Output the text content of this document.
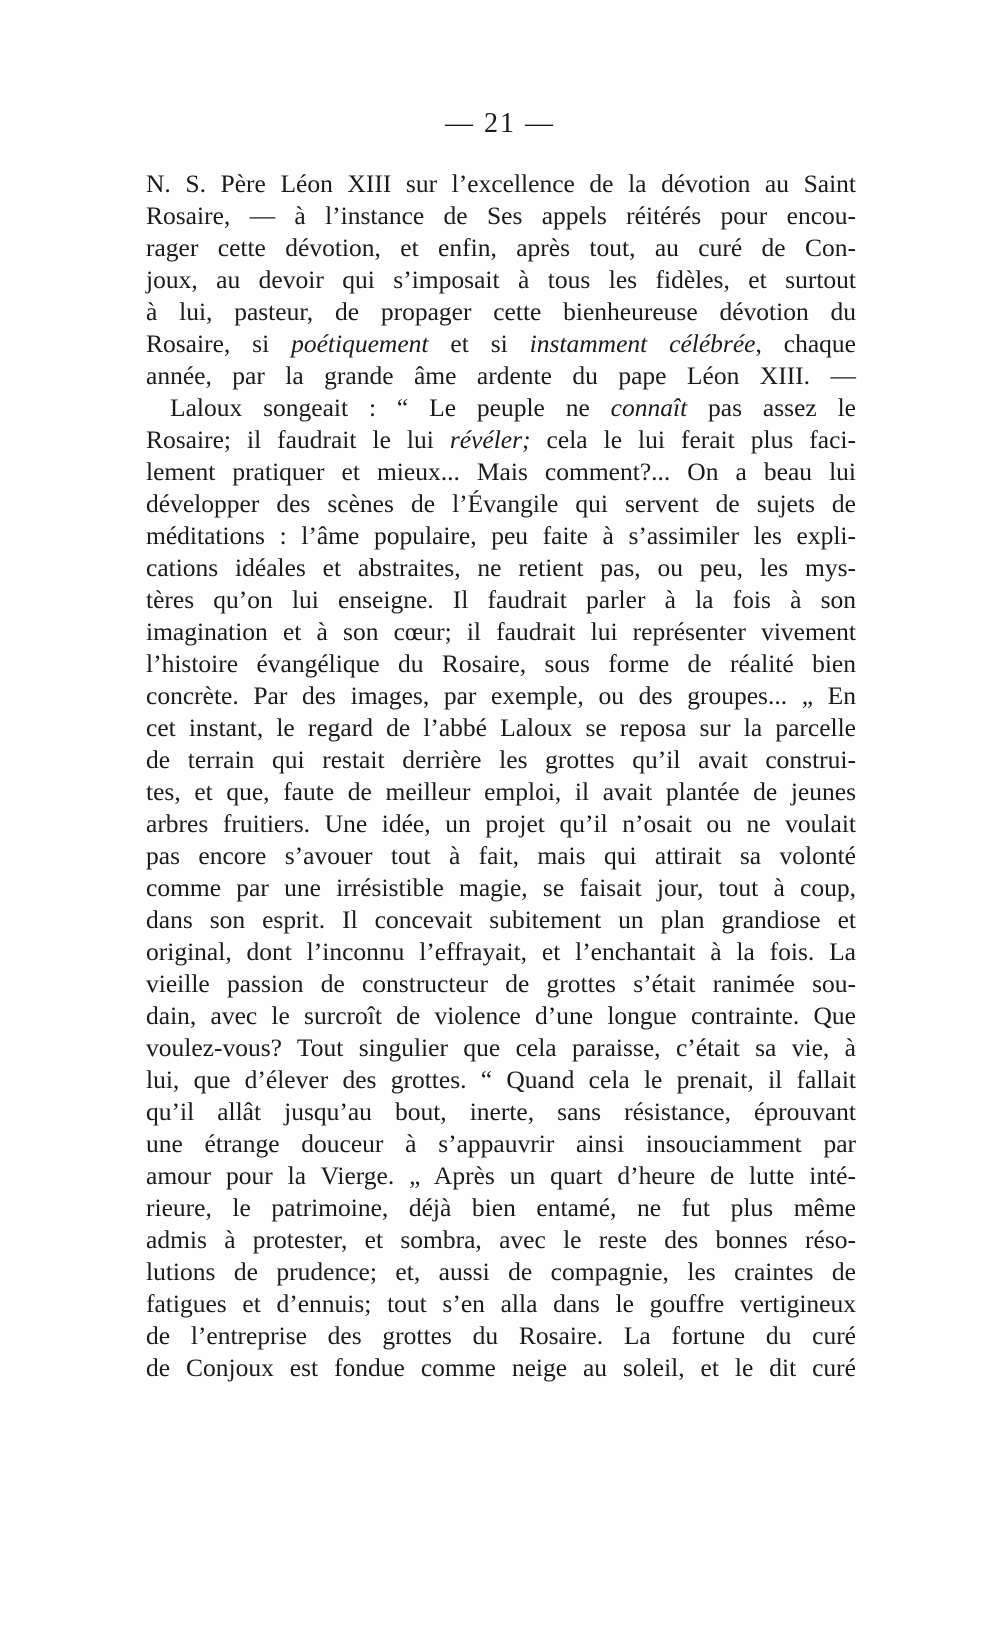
— 21 —
N. S. Père Léon XIII sur l’excellence de la dévotion au Saint
Rosaire, — à l’instance de Ses appels réitérés pour encou-
rager cette dévotion, et enfin, après tout, au curé de Con-
joux, au devoir qui s’imposait à tous les fidèles, et surtout
à lui, pasteur, de propager cette bienheureuse dévotion du
Rosaire, si poétiquement et si instamment célébrée, chaque
année, par la grande âme ardente du pape Léon XIII. —
Laloux songeait : “ Le peuple ne connaît pas assez le
Rosaire; il faudrait le lui révéler; cela le lui ferait plus faci-
lement pratiquer et mieux... Mais comment?... On a beau lui
développer des scènes de l’Évangile qui servent de sujets de
méditations : l’âme populaire, peu faite à s’assimiler les expli-
cations idéales et abstraites, ne retient pas, ou peu, les mys-
tères qu’on lui enseigne. Il faudrait parler à la fois à son
imagination et à son cœur; il faudrait lui représenter vivement
l’histoire évangélique du Rosaire, sous forme de réalité bien
concrète. Par des images, par exemple, ou des groupes... „ En
cet instant, le regard de l’abbé Laloux se reposa sur la parcelle
de terrain qui restait derrière les grottes qu’il avait construi-
tes, et que, faute de meilleur emploi, il avait plantée de jeunes
arbres fruitiers. Une idée, un projet qu’il n’osait ou ne voulait
pas encore s’avouer tout à fait, mais qui attirait sa volonté
comme par une irrésistible magie, se faisait jour, tout à coup,
dans son esprit. Il concevait subitement un plan grandiose et
original, dont l’inconnu l’effrayait, et l’enchantait à la fois. La
vieille passion de constructeur de grottes s’était ranimée sou-
dain, avec le surcroît de violence d’une longue contrainte. Que
voulez-vous? Tout singulier que cela paraisse, c’était sa vie, à
lui, que d’élever des grottes. “ Quand cela le prenait, il fallait
qu’il allât jusqu’au bout, inerte, sans résistance, éprouvant
une étrange douceur à s’appauvrir ainsi insouciamment par
amour pour la Vierge. „ Après un quart d’heure de lutte inté-
rieure, le patrimoine, déjà bien entamé, ne fut plus même
admis à protester, et sombra, avec le reste des bonnes réso-
lutions de prudence; et, aussi de compagnie, les craintes de
fatigues et d’ennuis; tout s’en alla dans le gouffre vertigineux
de l’entreprise des grottes du Rosaire. La fortune du curé
de Conjoux est fondue comme neige au soleil, et le dit curé
